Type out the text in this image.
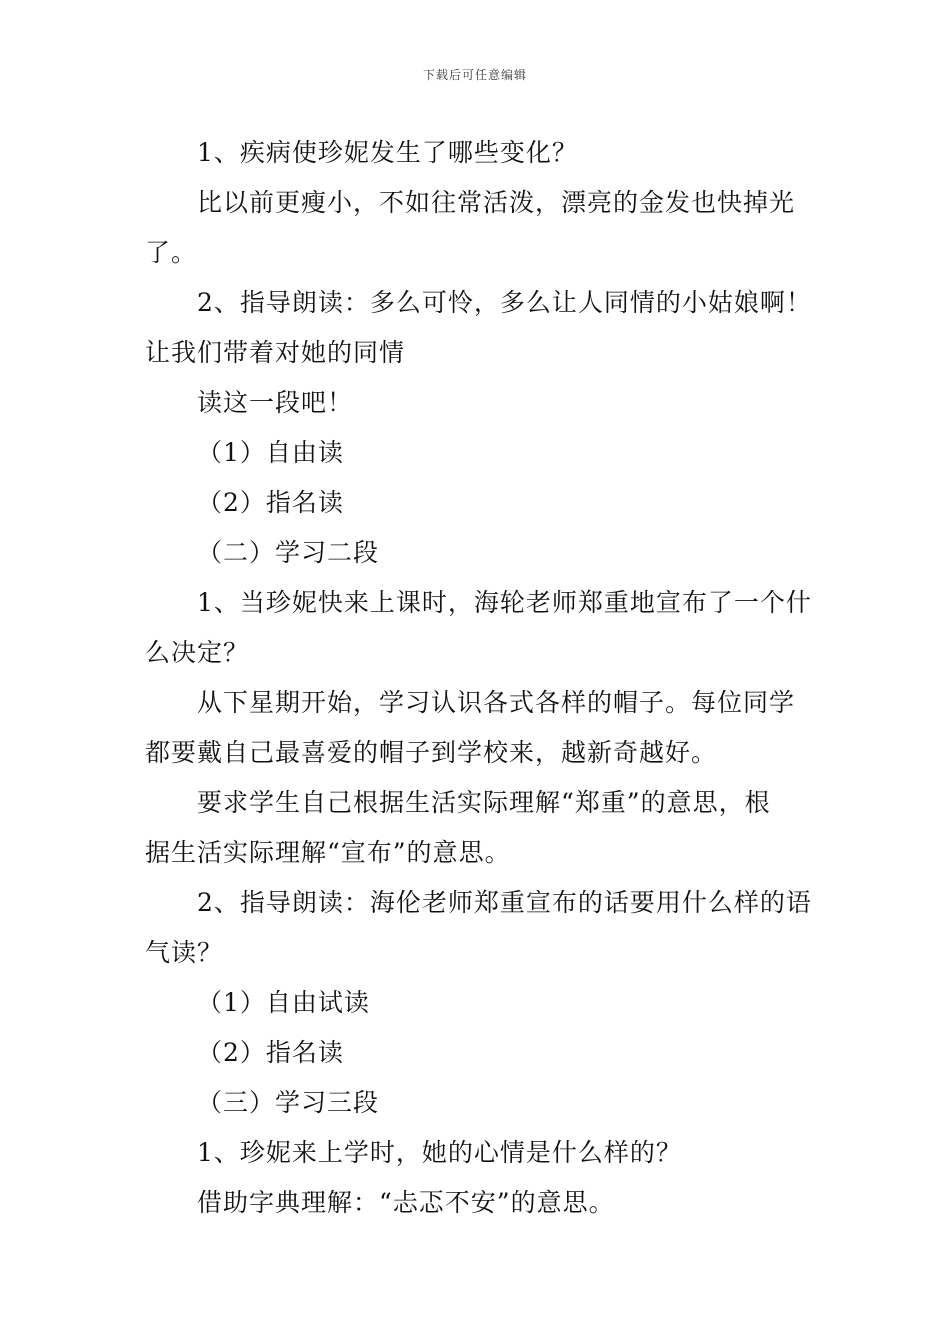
下载后可任意编辑
1、疾病使珍妮发生了哪些变化？
比以前更瘦小，不如往常活泼，漂亮的金发也快掉光
了。
2、指导朗读：多么可怜，多么让人同情的小姑娘啊！
让我们带着对她的同情
读这一段吧！
（1）自由读
（2）指名读
（二）学习二段
1、当珍妮快来上课时，海轮老师郑重地宣布了一个什
么决定？
从下星期开始，学习认识各式各样的帽子。每位同学
都要戴自己最喜爱的帽子到学校来，越新奇越好。
要求学生自己根据生活实际理解“郑重”的意思，根
据生活实际理解“宣布”的意思。
2、指导朗读：海伦老师郑重宣布的话要用什么样的语
气读？
（1）自由试读
（2）指名读
（三）学习三段
1、珍妮来上学时，她的心情是什么样的？
借助字典理解：“忐忑不安”的意思。
